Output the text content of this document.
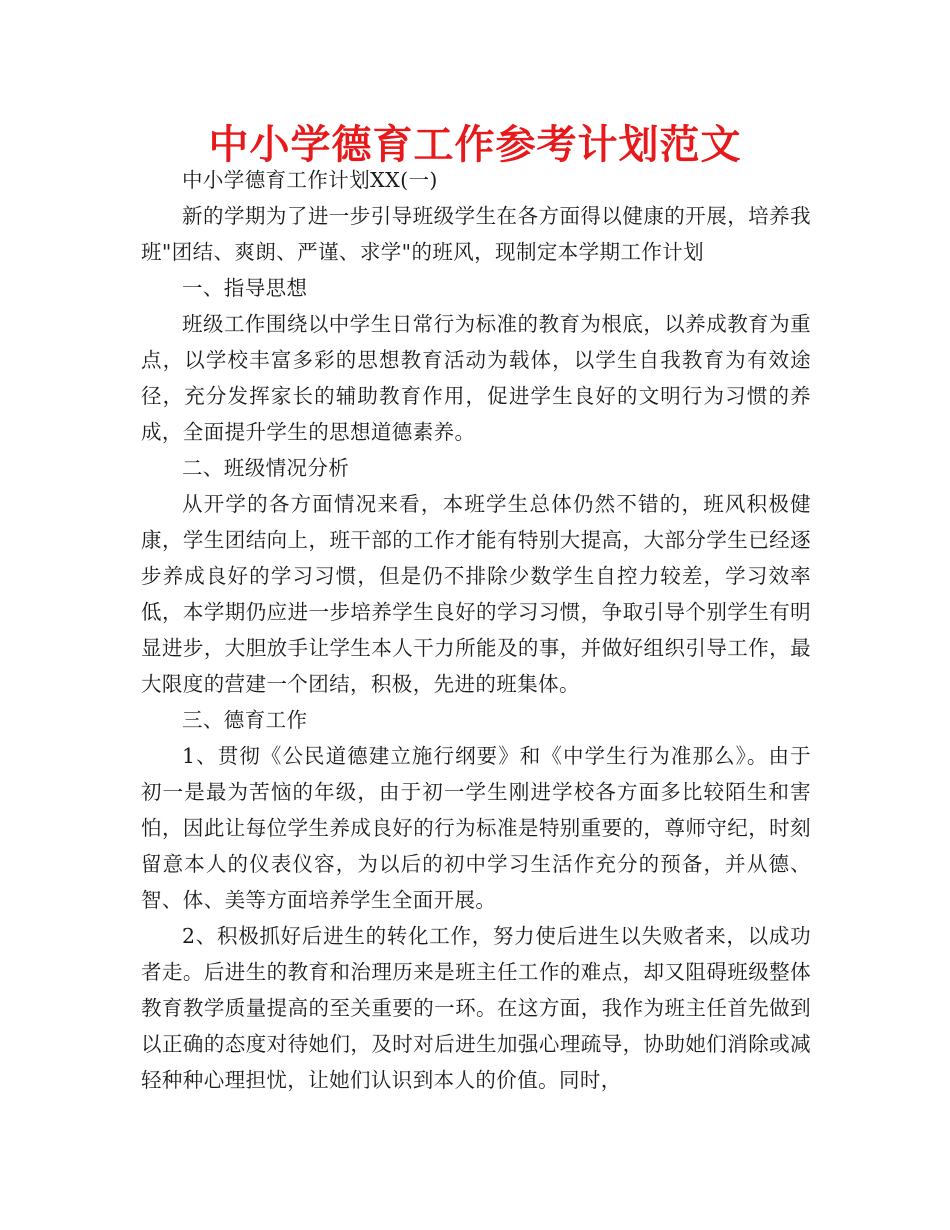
中小学德育工作参考计划范文

中小学德育工作计划XX(一)

新的学期为了进一步引导班级学生在各方面得以健康的开展，培养我班"团结、爽朗、严谨、求学"的班风，现制定本学期工作计划

一、指导思想

班级工作围绕以中学生日常行为标准的教育为根底，以养成教育为重点，以学校丰富多彩的思想教育活动为载体，以学生自我教育为有效途径，充分发挥家长的辅助教育作用，促进学生良好的文明行为习惯的养成，全面提升学生的思想道德素养。

二、班级情况分析

从开学的各方面情况来看，本班学生总体仍然不错的，班风积极健康，学生团结向上，班干部的工作才能有特别大提高，大部分学生已经逐步养成良好的学习习惯，但是仍不排除少数学生自控力较差，学习效率低，本学期仍应进一步培养学生良好的学习习惯，争取引导个别学生有明显进步，大胆放手让学生本人干力所能及的事，并做好组织引导工作，最大限度的营建一个团结，积极，先进的班集体。

三、德育工作

1、贯彻《公民道德建立施行纲要》和《中学生行为准那么》。由于初一是最为苦恼的年级，由于初一学生刚进学校各方面多比较陌生和害怕，因此让每位学生养成良好的行为标准是特别重要的，尊师守纪，时刻留意本人的仪表仪容，为以后的初中学习生活作充分的预备，并从德、智、体、美等方面培养学生全面开展。

2、积极抓好后进生的转化工作，努力使后进生以失败者来，以成功者走。后进生的教育和治理历来是班主任工作的难点，却又阻碍班级整体教育教学质量提高的至关重要的一环。在这方面，我作为班主任首先做到以正确的态度对待她们，及时对后进生加强心理疏导，协助她们消除或减轻种种心理担忧，让她们认识到本人的价值。同时，
